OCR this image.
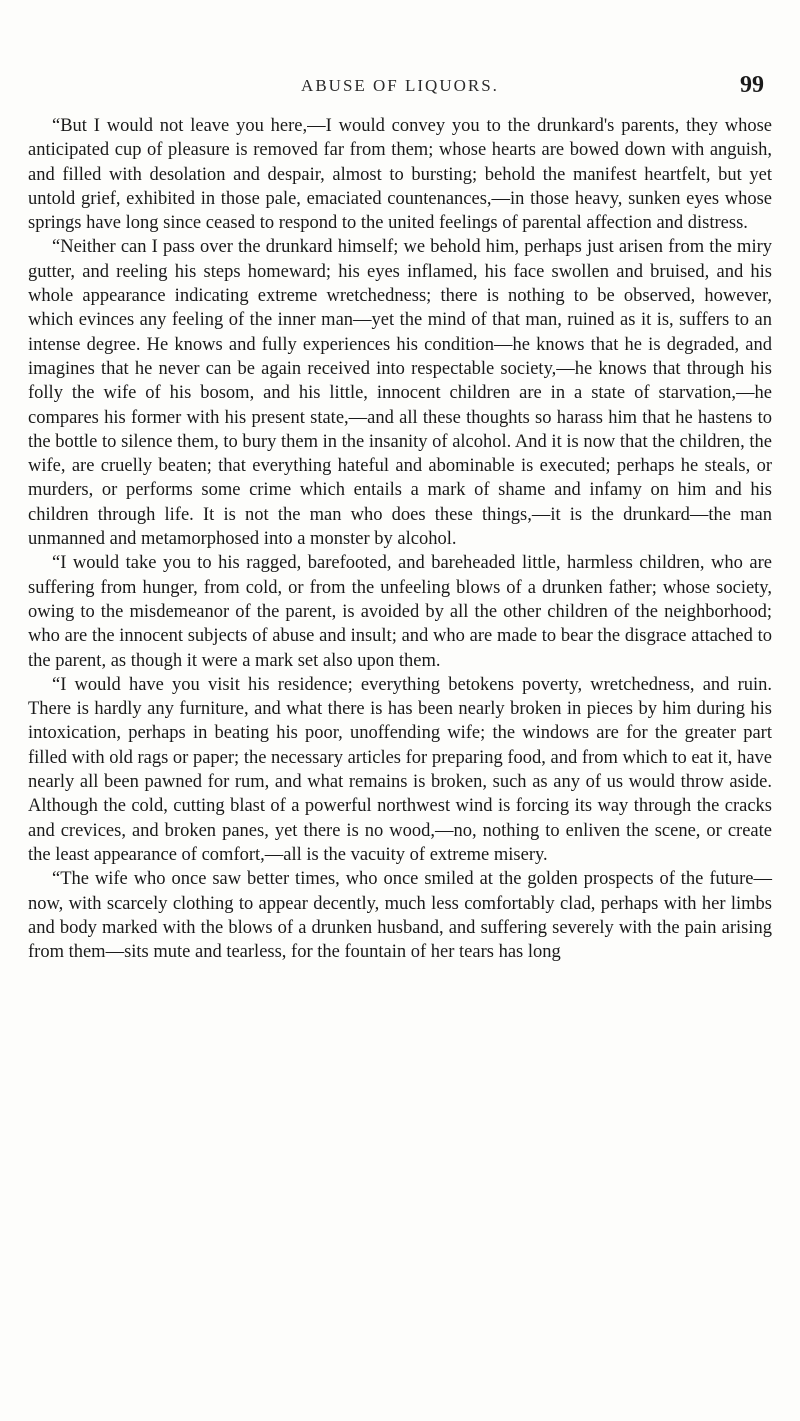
ABUSE OF LIQUORS.	99

“But I would not leave you here,—I would convey you to the drunkard's parents, they whose anticipated cup of pleasure is removed far from them; whose hearts are bowed down with anguish, and filled with desolation and despair, almost to bursting; behold the manifest heartfelt, but yet untold grief, exhibited in those pale, emaciated countenances,—in those heavy, sunken eyes whose springs have long since ceased to respond to the united feelings of parental affection and distress.

“Neither can I pass over the drunkard himself; we behold him, perhaps just arisen from the miry gutter, and reeling his steps homeward; his eyes inflamed, his face swollen and bruised, and his whole appearance indicating extreme wretchedness; there is nothing to be observed, however, which evinces any feeling of the inner man—yet the mind of that man, ruined as it is, suffers to an intense degree. He knows and fully experiences his condition—he knows that he is degraded, and imagines that he never can be again received into respectable society,—he knows that through his folly the wife of his bosom, and his little, innocent children are in a state of starvation,—he compares his former with his present state,—and all these thoughts so harass him that he hastens to the bottle to silence them, to bury them in the insanity of alcohol. And it is now that the children, the wife, are cruelly beaten; that everything hateful and abominable is executed; perhaps he steals, or murders, or performs some crime which entails a mark of shame and infamy on him and his children through life. It is not the man who does these things,—it is the drunkard—the man unmanned and metamorphosed into a monster by alcohol.

“I would take you to his ragged, barefooted, and bareheaded little, harmless children, who are suffering from hunger, from cold, or from the unfeeling blows of a drunken father; whose society, owing to the misdemeanor of the parent, is avoided by all the other children of the neighborhood; who are the innocent subjects of abuse and insult; and who are made to bear the disgrace attached to the parent, as though it were a mark set also upon them.

“I would have you visit his residence; everything betokens poverty, wretchedness, and ruin. There is hardly any furniture, and what there is has been nearly broken in pieces by him during his intoxication, perhaps in beating his poor, unoffending wife; the windows are for the greater part filled with old rags or paper; the necessary articles for preparing food, and from which to eat it, have nearly all been pawned for rum, and what remains is broken, such as any of us would throw aside. Although the cold, cutting blast of a powerful northwest wind is forcing its way through the cracks and crevices, and broken panes, yet there is no wood,—no, nothing to enliven the scene, or create the least appearance of comfort,—all is the vacuity of extreme misery.

“The wife who once saw better times, who once smiled at the golden prospects of the future—now, with scarcely clothing to appear decently, much less comfortably clad, perhaps with her limbs and body marked with the blows of a drunken husband, and suffering severely with the pain arising from them—sits mute and tearless, for the fountain of her tears has long
